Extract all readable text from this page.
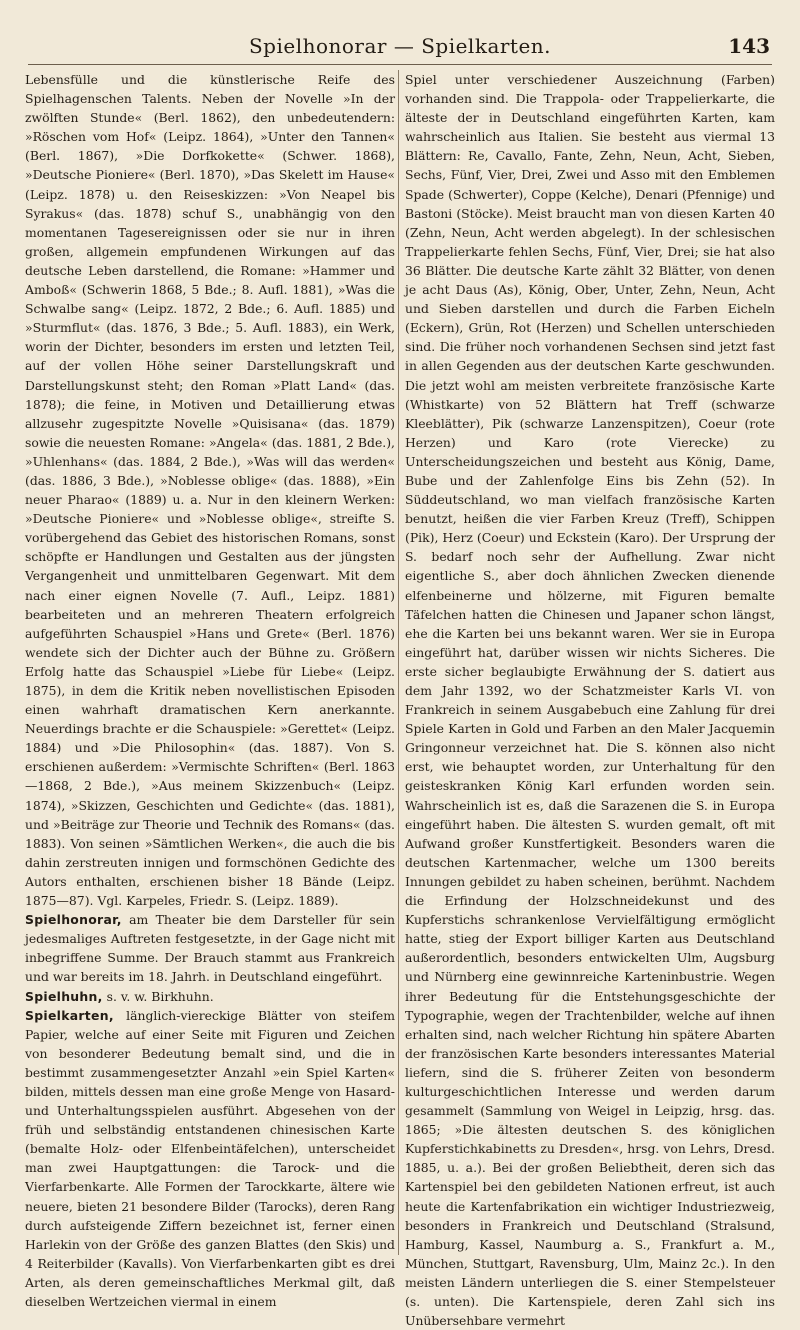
Spielhonorar — Spielkarten.	143

Lebensfülle und die künstlerische Reife des Spielhagenschen Talents. Neben der Novelle »In der zwölften Stunde« (Berl. 1862), den unbedeutendern: »Röschen vom Hof« (Leipz. 1864), »Unter den Tannen« (Berl. 1867), »Die Dorfkokette« (Schwer. 1868), »Deutsche Pioniere« (Berl. 1870), »Das Skelett im Hause« (Leipz. 1878) u. den Reiseskizzen: »Von Neapel bis Syrakus« (das. 1878) schuf S., unabhängig von den momentanen Tagesereignissen oder sie nur in ihren großen, allgemein empfundenen Wirkungen auf das deutsche Leben darstellend, die Romane: »Hammer und Amboß« (Schwerin 1868, 5 Bde.; 8. Aufl. 1881), »Was die Schwalbe sang« (Leipz. 1872, 2 Bde.; 6. Aufl. 1885) und »Sturmflut« (das. 1876, 3 Bde.; 5. Aufl. 1883), ein Werk, worin der Dichter, besonders im ersten und letzten Teil, auf der vollen Höhe seiner Darstellungskraft und Darstellungskunst steht; den Roman »Platt Land« (das. 1878); die feine, in Motiven und Detaillierung etwas allzusehr zugespitzte Novelle »Quisisana« (das. 1879) sowie die neuesten Romane: »Angela« (das. 1881, 2 Bde.), »Uhlenhans« (das. 1884, 2 Bde.), »Was will das werden« (das. 1886, 3 Bde.), »Noblesse oblige« (das. 1888), »Ein neuer Pharao« (1889) u. a. Nur in den kleinern Werken: »Deutsche Pioniere« und »Noblesse oblige«, streifte S. vorübergehend das Gebiet des historischen Romans, sonst schöpfte er Handlungen und Gestalten aus der jüngsten Vergangenheit und unmittelbaren Gegenwart. Mit dem nach einer eignen Novelle (7. Aufl., Leipz. 1881) bearbeiteten und an mehreren Theatern erfolgreich aufgeführten Schauspiel »Hans und Grete« (Berl. 1876) wendete sich der Dichter auch der Bühne zu. Größern Erfolg hatte das Schauspiel »Liebe für Liebe« (Leipz. 1875), in dem die Kritik neben novellistischen Episoden einen wahrhaft dramatischen Kern anerkannte. Neuerdings brachte er die Schauspiele: »Gerettet« (Leipz. 1884) und »Die Philosophin« (das. 1887). Von S. erschienen außerdem: »Vermischte Schriften« (Berl. 1863—1868, 2 Bde.), »Aus meinem Skizzenbuch« (Leipz. 1874), »Skizzen, Geschichten und Gedichte« (das. 1881), und »Beiträge zur Theorie und Technik des Romans« (das. 1883). Von seinen »Sämtlichen Werken«, die auch die bis dahin zerstreuten innigen und formschönen Gedichte des Autors enthalten, erschienen bisher 18 Bände (Leipz. 1875—87). Vgl. Karpeles, Friedr. S. (Leipz. 1889).

Spielhonorar, am Theater bie dem Darsteller für sein jedesmaliges Auftreten festgesetzte, in der Gage nicht mit inbegriffene Summe. Der Brauch stammt aus Frankreich und war bereits im 18. Jahrh. in Deutschland eingeführt.

Spielhuhn, s. v. w. Birkhuhn.

Spielkarten, länglich-viereckige Blätter von steifem Papier, welche auf einer Seite mit Figuren und Zeichen von besonderer Bedeutung bemalt sind, und die in bestimmt zusammengesetzter Anzahl »ein Spiel Karten« bilden, mittels dessen man eine große Menge von Hasard- und Unterhaltungsspielen ausführt. Abgesehen von der früh und selbständig entstandenen chinesischen Karte (bemalte Holz- oder Elfenbeintäfelchen), unterscheidet man zwei Hauptgattungen: die Tarock- und die Vierfarbenkarte. Alle Formen der Tarockkarte, ältere wie neuere, bieten 21 besondere Bilder (Tarocks), deren Rang durch aufsteigende Ziffern bezeichnet ist, ferner einen Harlekin von der Größe des ganzen Blattes (den Skis) und 4 Reiterbilder (Kavalls). Von Vierfarbenkarten gibt es drei Arten, als deren gemeinschaftliches Merkmal gilt, daß dieselben Wertzeichen viermal in einem

Spiel unter verschiedener Auszeichnung (Farben) vorhanden sind. Die Trappola- oder Trappelierkarte, die älteste der in Deutschland eingeführten Karten, kam wahrscheinlich aus Italien. Sie besteht aus viermal 13 Blättern: Re, Cavallo, Fante, Zehn, Neun, Acht, Sieben, Sechs, Fünf, Vier, Drei, Zwei und Asso mit den Emblemen Spade (Schwerter), Coppe (Kelche), Denari (Pfennige) und Bastoni (Stöcke). Meist braucht man von diesen Karten 40 (Zehn, Neun, Acht werden abgelegt). In der schlesischen Trappelierkarte fehlen Sechs, Fünf, Vier, Drei; sie hat also 36 Blätter. Die deutsche Karte zählt 32 Blätter, von denen je acht Daus (As), König, Ober, Unter, Zehn, Neun, Acht und Sieben darstellen und durch die Farben Eicheln (Eckern), Grün, Rot (Herzen) und Schellen unterschieden sind. Die früher noch vorhandenen Sechsen sind jetzt fast in allen Gegenden aus der deutschen Karte geschwunden. Die jetzt wohl am meisten verbreitete französische Karte (Whistkarte) von 52 Blättern hat Treff (schwarze Kleeblätter), Pik (schwarze Lanzenspitzen), Coeur (rote Herzen) und Karo (rote Vierecke) zu Unterscheidungszeichen und besteht aus König, Dame, Bube und der Zahlenfolge Eins bis Zehn (52). In Süddeutschland, wo man vielfach französische Karten benutzt, heißen die vier Farben Kreuz (Treff), Schippen (Pik), Herz (Coeur) und Eckstein (Karo). Der Ursprung der S. bedarf noch sehr der Aufhellung. Zwar nicht eigentliche S., aber doch ähnlichen Zwecken dienende elfenbeinerne und hölzerne, mit Figuren bemalte Täfelchen hatten die Chinesen und Japaner schon längst, ehe die Karten bei uns bekannt waren. Wer sie in Europa eingeführt hat, darüber wissen wir nichts Sicheres. Die erste sicher beglaubigte Erwähnung der S. datiert aus dem Jahr 1392, wo der Schatzmeister Karls VI. von Frankreich in seinem Ausgabebuch eine Zahlung für drei Spiele Karten in Gold und Farben an den Maler Jacquemin Gringonneur verzeichnet hat. Die S. können also nicht erst, wie behauptet worden, zur Unterhaltung für den geisteskranken König Karl erfunden worden sein. Wahrscheinlich ist es, daß die Sarazenen die S. in Europa eingeführt haben. Die ältesten S. wurden gemalt, oft mit Aufwand großer Kunstfertigkeit. Besonders waren die deutschen Kartenmacher, welche um 1300 bereits Innungen gebildet zu haben scheinen, berühmt. Nachdem die Erfindung der Holzschneidekunst und des Kupferstichs schrankenlose Vervielfältigung ermöglicht hatte, stieg der Export billiger Karten aus Deutschland außerordentlich, besonders entwickelten Ulm, Augsburg und Nürnberg eine gewinnreiche Karteninbustrie. Wegen ihrer Bedeutung für die Entstehungsgeschichte der Typographie, wegen der Trachtenbilder, welche auf ihnen erhalten sind, nach welcher Richtung hin spätere Abarten der französischen Karte besonders interessantes Material liefern, sind die S. früherer Zeiten von besonderm kulturgeschichtlichen Interesse und werden darum gesammelt (Sammlung von Weigel in Leipzig, hrsg. das. 1865; »Die ältesten deutschen S. des königlichen Kupferstichkabinetts zu Dresden«, hrsg. von Lehrs, Dresd. 1885, u. a.). Bei der großen Beliebtheit, deren sich das Kartenspiel bei den gebildeten Nationen erfreut, ist auch heute die Kartenfabrikation ein wichtiger Industriezweig, besonders in Frankreich und Deutschland (Stralsund, Hamburg, Kassel, Naumburg a. S., Frankfurt a. M., München, Stuttgart, Ravensburg, Ulm, Mainz 2c.). In den meisten Ländern unterliegen die S. einer Stempelsteuer (s. unten). Die Kartenspiele, deren Zahl sich ins Unübersehbare vermehrt
